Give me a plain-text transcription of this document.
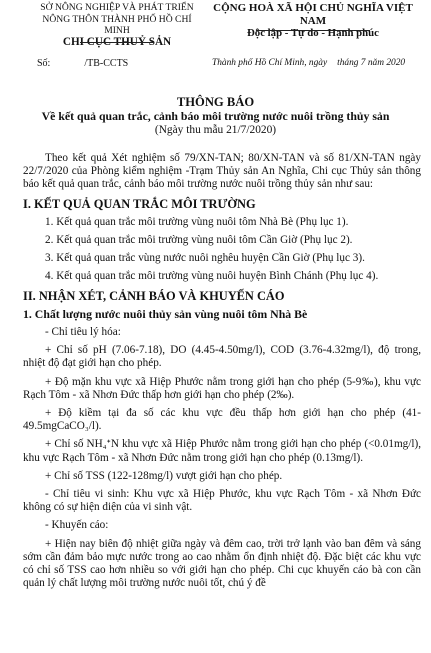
SỞ NÔNG NGHIỆP VÀ PHÁT TRIỂN
NÔNG THÔN THÀNH PHỐ HỒ CHÍ MINH
CHI CỤC THUỶ SẢN
CỘNG HOÀ XÃ HỘI CHỦ NGHĨA VIỆT NAM
Độc lập - Tự do - Hạnh phúc
Số:	/TB-CCTS	Thành phố Hồ Chí Minh, ngày tháng 7 năm 2020
THÔNG BÁO
Về kết quả quan trắc, cảnh báo môi trường nước nuôi trồng thủy sản
(Ngày thu mẫu 21/7/2020)

Theo kết quả Xét nghiệm số 79/XN-TAN; 80/XN-TAN và số 81/XN-TAN ngày 22/7/2020 của Phòng kiểm nghiệm -Trạm Thủy sản An Nghĩa, Chi cục Thủy sản thông báo kết quả quan trắc, cảnh báo môi trường nước nuôi trồng thủy sản như sau:

I. KẾT QUẢ QUAN TRẮC MÔI TRƯỜNG

1. Kết quả quan trắc môi trường vùng nuôi tôm Nhà Bè (Phụ lục 1).

2. Kết quả quan trắc môi trường vùng nuôi tôm Cần Giờ (Phụ lục 2).

3. Kết quả quan trắc vùng nước nuôi nghêu huyện Cần Giờ (Phụ lục 3).

4. Kết quả quan trắc môi trường vùng nuôi huyện Bình Chánh (Phụ lục 4).

II. NHẬN XÉT, CẢNH BÁO VÀ KHUYẾN CÁO

1. Chất lượng nước nuôi thủy sản vùng nuôi tôm Nhà Bè

- Chỉ tiêu lý hóa:

+ Chỉ số pH (7.06-7.18), DO (4.45-4.50mg/l), COD (3.76-4.32mg/l), độ trong, nhiệt độ đạt giới hạn cho phép.

+ Độ mặn khu vực xã Hiệp Phước nằm trong giới hạn cho phép (5-9‰), khu vực Rạch Tôm - xã Nhơn Đức thấp hơn giới hạn cho phép (2‰).

+ Độ kiềm tại đa số các khu vực đều thấp hơn giới hạn cho phép (41-49.5mgCaCO₃/l).

+ Chỉ số NH₄ᐩN khu vực xã Hiệp Phước nằm trong giới hạn cho phép (<0.01mg/l), khu vực Rạch Tôm - xã Nhơn Đức nằm trong giới hạn cho phép (0.13mg/l).

+ Chỉ số TSS (122-128mg/l) vượt giới hạn cho phép.

- Chỉ tiêu vi sinh: Khu vực xã Hiệp Phước, khu vực Rạch Tôm - xã Nhơn Đức không có sự hiện diện của vi sinh vật.

- Khuyến cáo:

+ Hiện nay biên độ nhiệt giữa ngày và đêm cao, trời trở lạnh vào ban đêm và sáng sớm cần đảm bảo mực nước trong ao cao nhằm ổn định nhiệt độ. Đặc biệt các khu vực có chỉ số TSS cao hơn nhiều so với giới hạn cho phép. Chi cục khuyến cáo bà con cần quản lý chất lượng môi trường nước nuôi tốt, chú ý đề
